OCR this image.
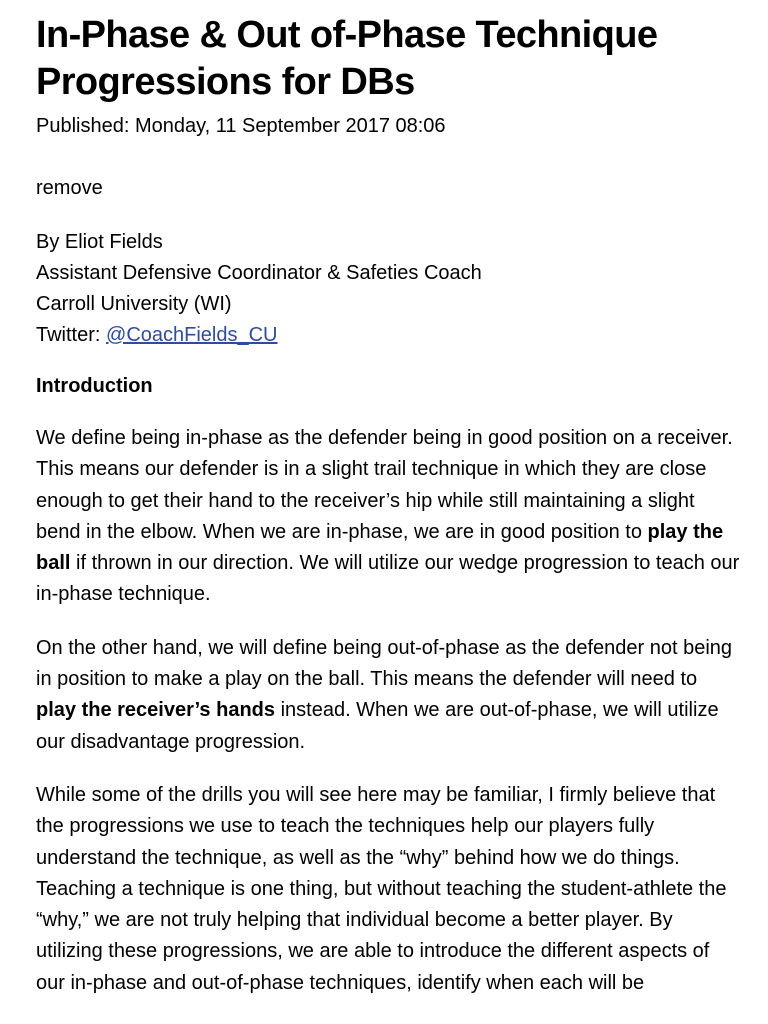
In-Phase & Out of-Phase Technique Progressions for DBs
Published: Monday, 11 September 2017 08:06
remove
By Eliot Fields
Assistant Defensive Coordinator & Safeties Coach
Carroll University (WI)
Twitter: @CoachFields_CU
Introduction

We define being in-phase as the defender being in good position on a receiver. This means our defender is in a slight trail technique in which they are close enough to get their hand to the receiver’s hip while still maintaining a slight bend in the elbow. When we are in-phase, we are in good position to play the ball if thrown in our direction. We will utilize our wedge progression to teach our in-phase technique.

On the other hand, we will define being out-of-phase as the defender not being in position to make a play on the ball. This means the defender will need to play the receiver’s hands instead. When we are out-of-phase, we will utilize our disadvantage progression.

While some of the drills you will see here may be familiar, I firmly believe that the progressions we use to teach the techniques help our players fully understand the technique, as well as the “why” behind how we do things. Teaching a technique is one thing, but without teaching the student-athlete the “why,” we are not truly helping that individual become a better player. By utilizing these progressions, we are able to introduce the different aspects of our in-phase and out-of-phase techniques, identify when each will be
